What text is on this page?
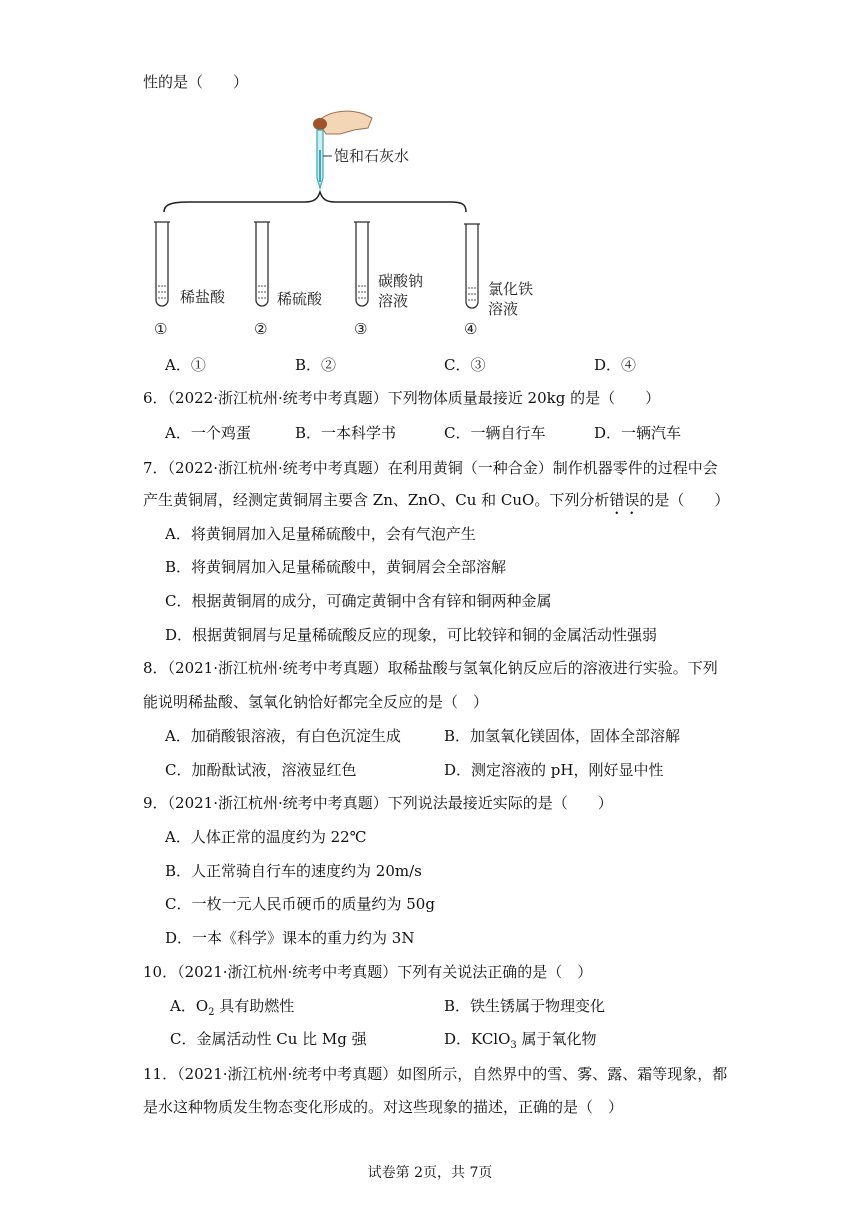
性的是（　　）
饱和石灰水
稀盐酸	稀硫酸
碳酸钠
溶液
氯化铁
溶液
①	②	③	④
A．①	B．②	C．③	D．④
6．（2022·浙江杭州·统考中考真题）下列物体质量最接近 20kg 的是（　　）
A．一个鸡蛋	B．一本科学书	C．一辆自行车	D．一辆汽车
7．（2022·浙江杭州·统考中考真题）在利用黄铜（一种合金）制作机器零件的过程中会
产生黄铜屑，经测定黄铜屑主要含 Zn、ZnO、Cu 和 CuO。下列分析错误的是（　　）
A．将黄铜屑加入足量稀硫酸中，会有气泡产生
B．将黄铜屑加入足量稀硫酸中，黄铜屑会全部溶解
C．根据黄铜屑的成分，可确定黄铜中含有锌和铜两种金属
D．根据黄铜屑与足量稀硫酸反应的现象，可比较锌和铜的金属活动性强弱
8．（2021·浙江杭州·统考中考真题）取稀盐酸与氢氧化钠反应后的溶液进行实验。下列
能说明稀盐酸、氢氧化钠恰好都完全反应的是（　）
A．加硝酸银溶液，有白色沉淀生成	B．加氢氧化镁固体，固体全部溶解
C．加酚酞试液，溶液显红色	D．测定溶液的 pH，刚好显中性
9．（2021·浙江杭州·统考中考真题）下列说法最接近实际的是（　　）
A．人体正常的温度约为 22℃
B．人正常骑自行车的速度约为 20m/s
C．一枚一元人民币硬币的质量约为 50g
D．一本《科学》课本的重力约为 3N
10．（2021·浙江杭州·统考中考真题）下列有关说法正确的是（　）
A．$O_2$ 具有助燃性	B．铁生锈属于物理变化
C．金属活动性 Cu 比 Mg 强	D．KClO$_3$ 属于氧化物
11．（2021·浙江杭州·统考中考真题）如图所示，自然界中的雪、雾、露、霜等现象，都
是水这种物质发生物态变化形成的。对这些现象的描述，正确的是（　）
试卷第 2页，共 7页
